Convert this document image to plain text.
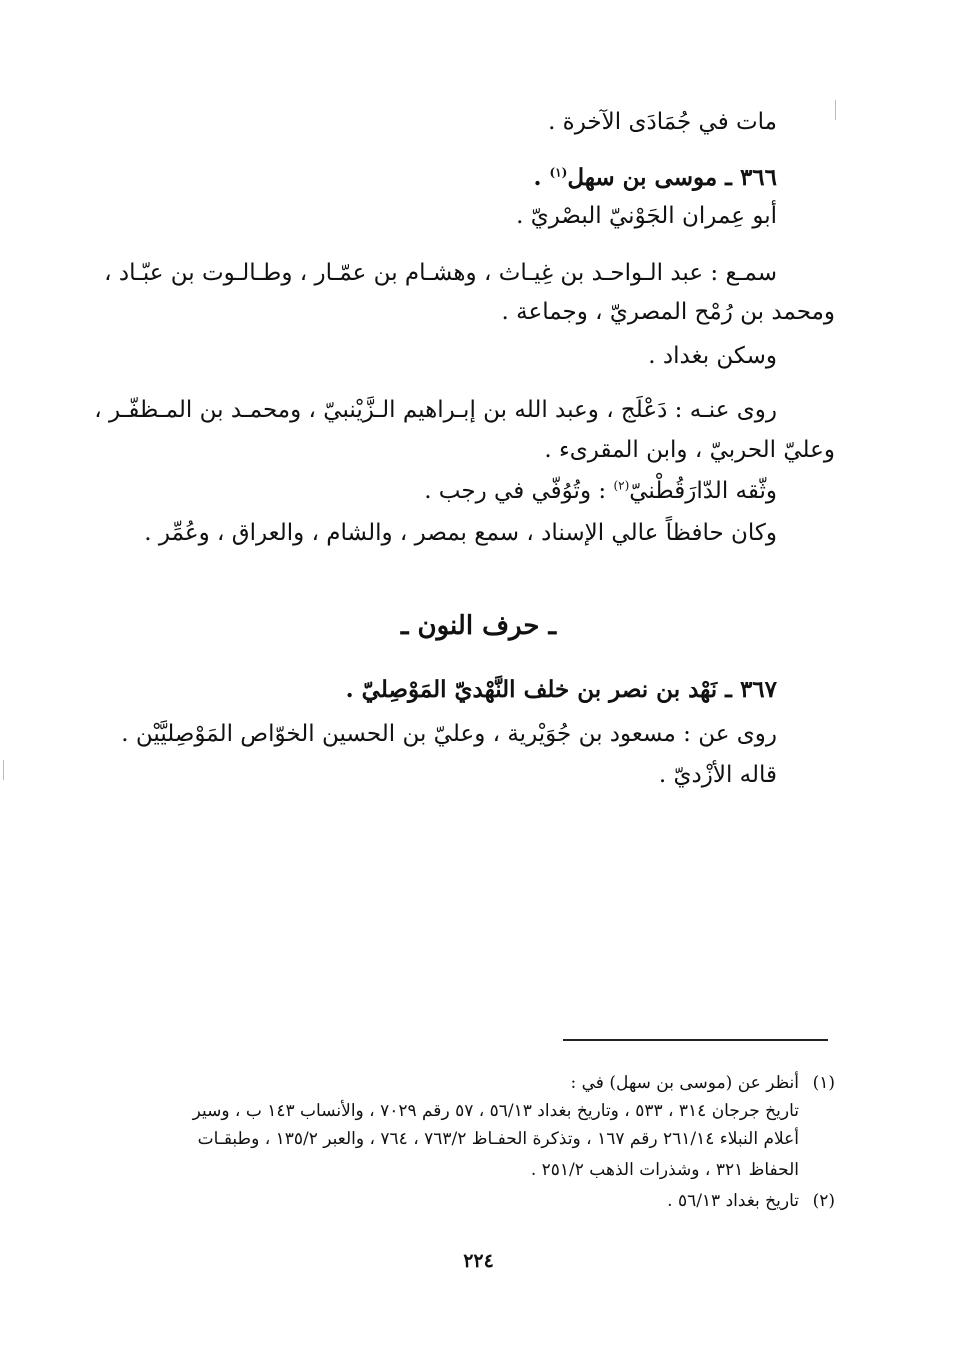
مات في جُمَادَى الآخرة .

٣٦٦ ـ موسى بن سهل$^{(١)}$ .

أبو عِمران الجَوْنيّ البصْريّ .

سمـع : عبد الـواحـد بن غِيـاث ، وهشـام بن عمّـار ، وطـالـوت بن عبّـاد ،

ومحمد بن رُمْح المصريّ ، وجماعة .

وسكن بغداد .

روى عنـه : دَعْلَج ، وعبد الله بن إبـراهيم الـزَّيْنبيّ ، ومحمـد بن المـظفّـر ،

وعليّ الحربيّ ، وابن المقرىء .

وثّقه الدّارَقُطْنيّ$^{(٢)}$ : وتُوُفّي في رجب .

وكان حافظاً عالي الإسناد ، سمع بمصر ، والشام ، والعراق ، وعُمِّر .

ـ حرف النون ـ

٣٦٧ ـ نَهْد بن نصر بن خلف النَّهْديّ المَوْصِليّ .

روى عن : مسعود بن جُوَيْرية ، وعليّ بن الحسين الخوّاص المَوْصِليَّيْن .

قاله الأزْديّ .

(١)

أنظر عن (موسى بن سهل) في :

تاريخ جرجان ٣١٤ ، ٥٣٣ ، وتاريخ بغداد ٥٦/١٣ ، ٥٧ رقم ٧٠٢٩ ، والأنساب ١٤٣ ب ، وسير

أعلام النبلاء ٢٦١/١٤ رقم ١٦٧ ، وتذكرة الحفـاظ ٧٦٣/٢ ، ٧٦٤ ، والعبر ١٣٥/٢ ، وطبقـات

الحفاظ ٣٢١ ، وشذرات الذهب ٢٥١/٢ .

(٢)

تاريخ بغداد ٥٦/١٣ .

٢٢٤
